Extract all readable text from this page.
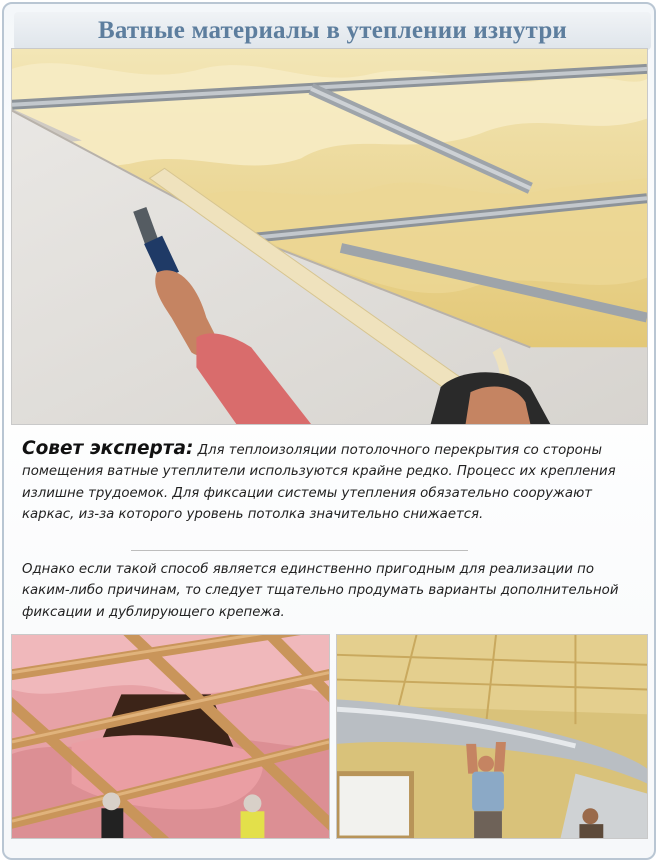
Ватные материалы в утеплении изнутри
Совет эксперта: Для теплоизоляции потолочного перекрытия со стороны помещения ватные утеплители используются крайне редко. Процесс их крепления излишне трудоемок. Для фиксации системы утепления обязательно сооружают каркас, из-за которого уровень потолка значительно снижается.
Однако если такой способ является единственно пригодным для реализации по каким-либо причинам, то следует тщательно продумать варианты дополнительной фиксации и дублирующего крепежа.
